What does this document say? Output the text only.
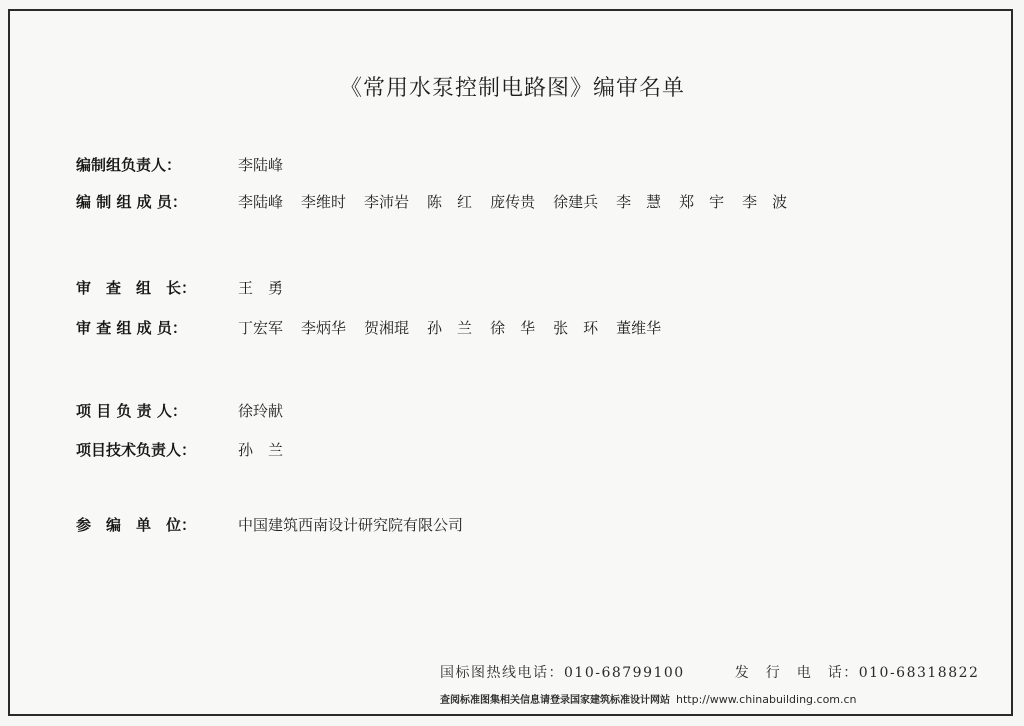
《常用水泵控制电路图》编审名单
编制组负责人：	李陆峰
编 制 组 成 员：	李陆峰 李维时 李沛岩 陈　红 庞传贵 徐建兵 李　慧 郑　宇 李　波
审　查　组　长：	王　勇
审 查 组 成 员：	丁宏军 李炳华 贺湘琨 孙　兰 徐　华 张　环 董维华
项 目 负 责 人：	徐玲献
项目技术负责人：	孙　兰
参　编　单　位：	中国建筑西南设计研究院有限公司
国标图热线电话：010-68799100	发　行　电　话：010-68318822
查阅标准图集相关信息请登录国家建筑标准设计网站 http://www.chinabuilding.com.cn
